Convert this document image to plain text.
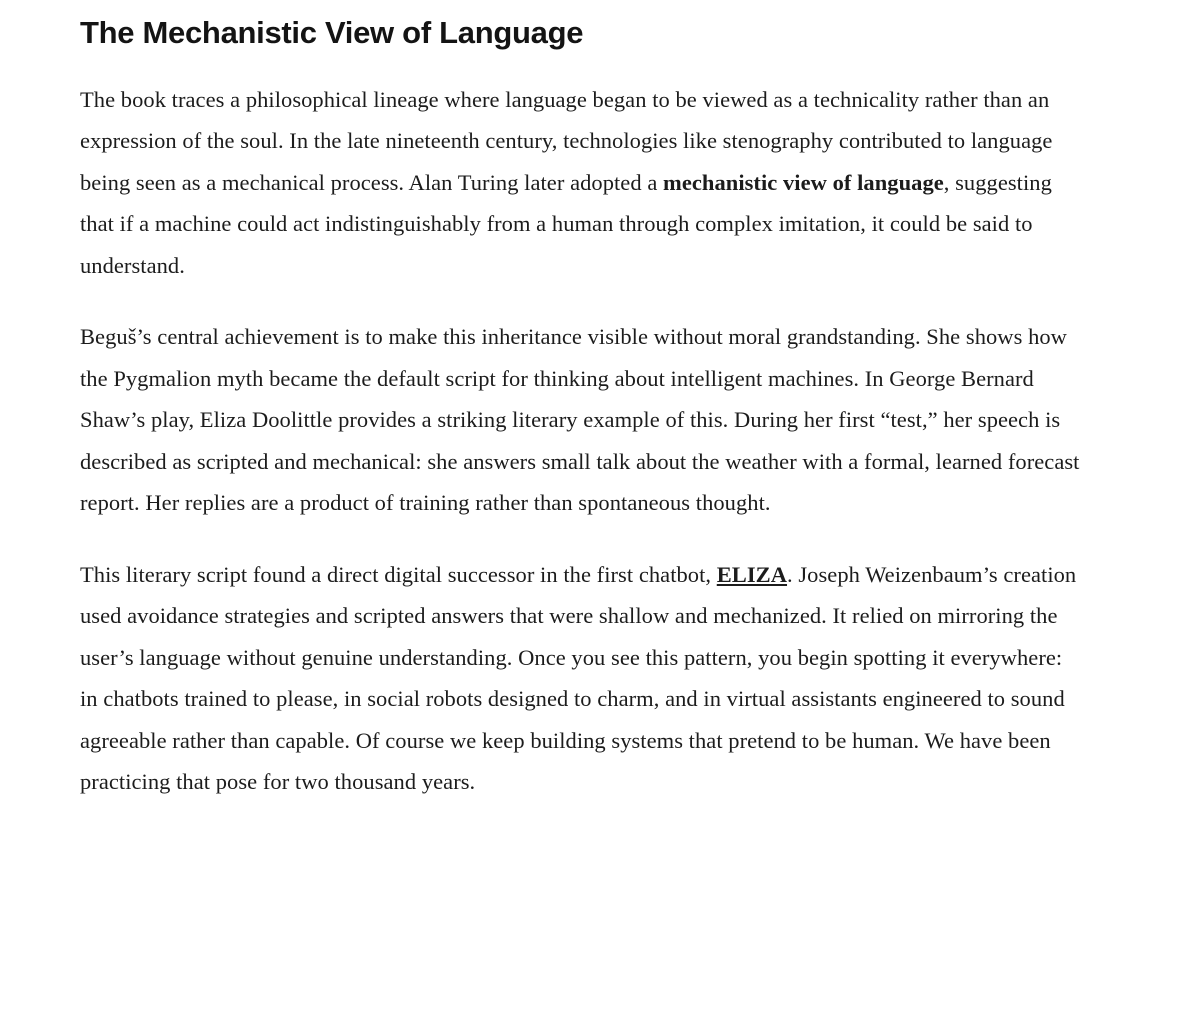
The Mechanistic View of Language

The book traces a philosophical lineage where language began to be viewed as a technicality rather than an expression of the soul. In the late nineteenth century, technologies like stenography contributed to language being seen as a mechanical process. Alan Turing later adopted a mechanistic view of language, suggesting that if a machine could act indistinguishably from a human through complex imitation, it could be said to understand.

Beguš’s central achievement is to make this inheritance visible without moral grandstanding. She shows how the Pygmalion myth became the default script for thinking about intelligent machines. In George Bernard Shaw’s play, Eliza Doolittle provides a striking literary example of this. During her first “test,” her speech is described as scripted and mechanical: she answers small talk about the weather with a formal, learned forecast report. Her replies are a product of training rather than spontaneous thought.

This literary script found a direct digital successor in the first chatbot, ELIZA. Joseph Weizenbaum’s creation used avoidance strategies and scripted answers that were shallow and mechanized. It relied on mirroring the user’s language without genuine understanding. Once you see this pattern, you begin spotting it everywhere: in chatbots trained to please, in social robots designed to charm, and in virtual assistants engineered to sound agreeable rather than capable. Of course we keep building systems that pretend to be human. We have been practicing that pose for two thousand years.
